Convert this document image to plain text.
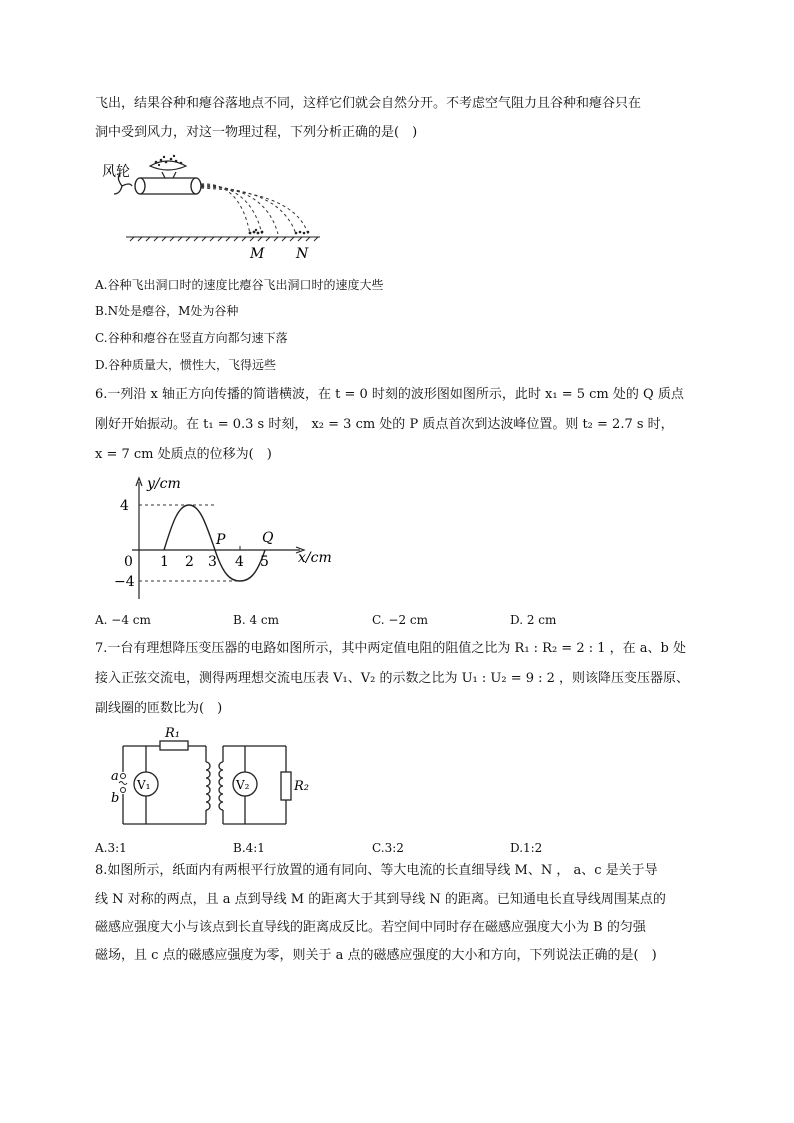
飞出，结果谷种和瘪谷落地点不同，这样它们就会自然分开。不考虑空气阻力且谷种和瘪谷只在
洞中受到风力，对这一物理过程，下列分析正确的是(　)
风轮
M N
A.谷种飞出洞口时的速度比瘪谷飞出洞口时的速度大些
B.N处是瘪谷，M处为谷种
C.谷种和瘪谷在竖直方向都匀速下落
D.谷种质量大，惯性大，飞得远些
6.一列沿 x 轴正方向传播的简谐横波，在 t = 0 时刻的波形图如图所示，此时 x₁ = 5 cm 处的 Q 质点
刚好开始振动。在 t₁ = 0.3 s 时刻， x₂ = 3 cm 处的 P 质点首次到达波峰位置。则 t₂ = 2.7 s 时，
x = 7 cm 处质点的位移为(　)
y/cm
x/cm
4
−4
0 1 2 3 4 5
P	Q
A. −4 cm	B. 4 cm	C. −2 cm	D. 2 cm
7.一台有理想降压变压器的电路如图所示，其中两定值电阻的阻值之比为 R₁ : R₂ = 2 : 1 ，在 a、b 处
接入正弦交流电，测得两理想交流电压表 V₁、V₂ 的示数之比为 U₁ : U₂ = 9 : 2 ，则该降压变压器原、
副线圈的匝数比为(　)
a
b
R₁
R₂
V₁	V₂
A.3:1	B.4:1	C.3:2	D.1:2
8.如图所示，纸面内有两根平行放置的通有同向、等大电流的长直细导线 M、N ， a、c 是关于导
线 N 对称的两点，且 a 点到导线 M 的距离大于其到导线 N 的距离。已知通电长直导线周围某点的
磁感应强度大小与该点到长直导线的距离成反比。若空间中同时存在磁感应强度大小为 B 的匀强
磁场，且 c 点的磁感应强度为零，则关于 a 点的磁感应强度的大小和方向，下列说法正确的是(　)
